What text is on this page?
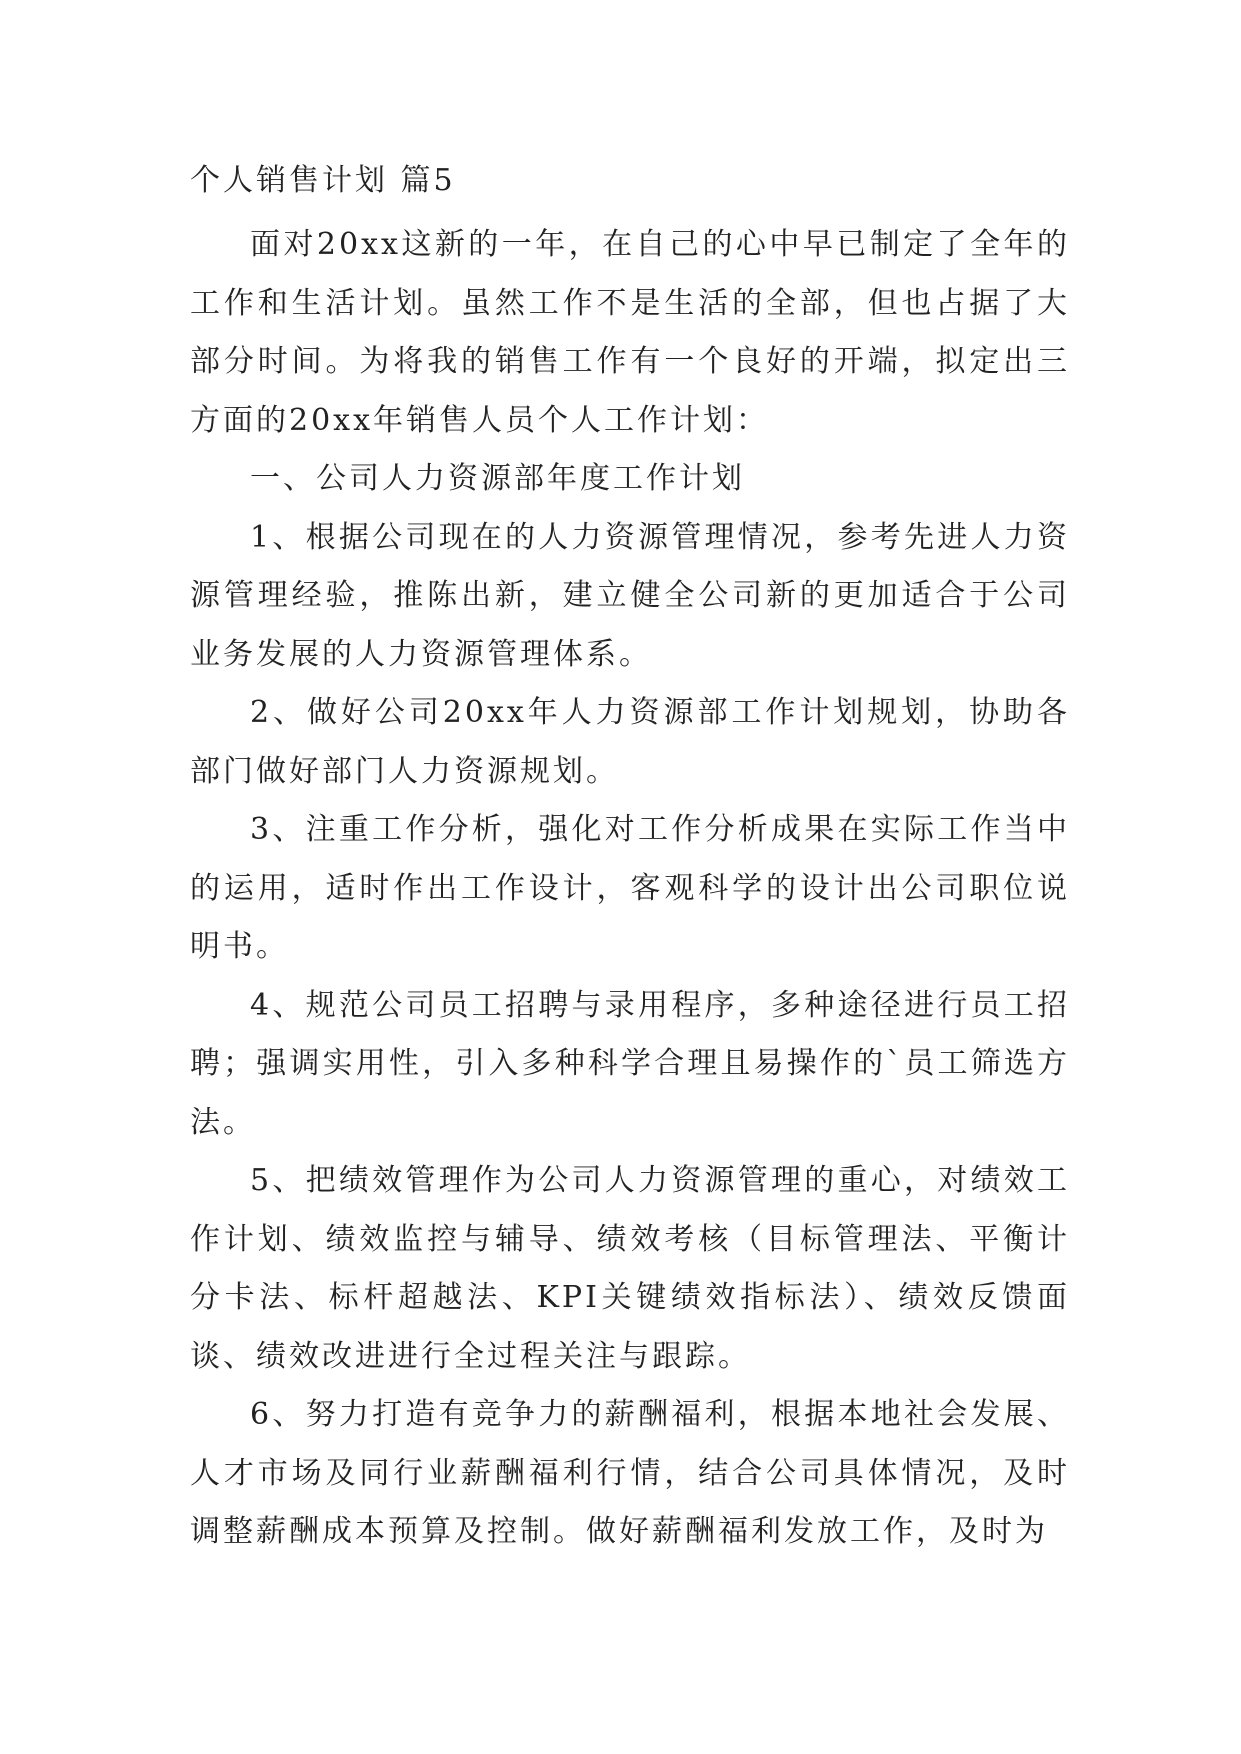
个人销售计划 篇5

面对20xx这新的一年，在自己的心中早已制定了全年的工作和生活计划。虽然工作不是生活的全部，但也占据了大部分时间。为将我的销售工作有一个良好的开端，拟定出三方面的20xx年销售人员个人工作计划：

一、公司人力资源部年度工作计划

1、根据公司现在的人力资源管理情况，参考先进人力资源管理经验，推陈出新，建立健全公司新的更加适合于公司业务发展的人力资源管理体系。

2、做好公司20xx年人力资源部工作计划规划，协助各部门做好部门人力资源规划。

3、注重工作分析，强化对工作分析成果在实际工作当中的运用，适时作出工作设计，客观科学的设计出公司职位说明书。

4、规范公司员工招聘与录用程序，多种途径进行员工招聘；强调实用性，引入多种科学合理且易操作的`员工筛选方法。

5、把绩效管理作为公司人力资源管理的重心，对绩效工作计划、绩效监控与辅导、绩效考核（目标管理法、平衡计分卡法、标杆超越法、KPI关键绩效指标法）、绩效反馈面谈、绩效改进进行全过程关注与跟踪。

6、努力打造有竞争力的薪酬福利，根据本地社会发展、人才市场及同行业薪酬福利行情，结合公司具体情况，及时调整薪酬成本预算及控制。做好薪酬福利发放工作，及时为
